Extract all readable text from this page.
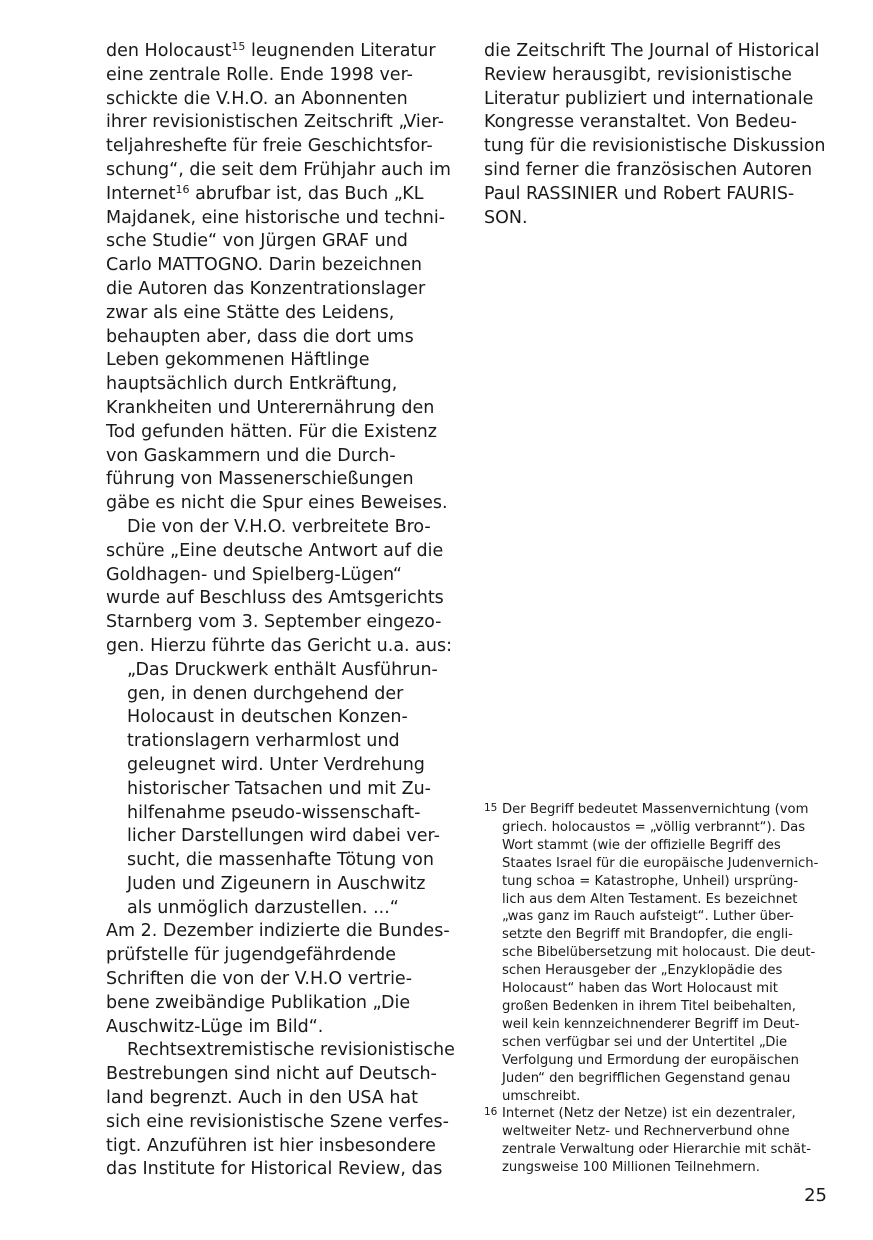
den Holocaust$^{15}$ leugnenden Literatur
eine zentrale Rolle. Ende 1998 ver-
schickte die V.H.O. an Abonnenten
ihrer revisionistischen Zeitschrift „Vier-
teljahreshefte für freie Geschichtsfor-
schung“, die seit dem Frühjahr auch im
Internet$^{16}$ abrufbar ist, das Buch „KL
Majdanek, eine historische und techni-
sche Studie“ von Jürgen GRAF und
Carlo MATTOGNO. Darin bezeichnen
die Autoren das Konzentrationslager
zwar als eine Stätte des Leidens,
behaupten aber, dass die dort ums
Leben gekommenen Häftlinge
hauptsächlich durch Entkräftung,
Krankheiten und Unterernährung den
Tod gefunden hätten. Für die Existenz
von Gaskammern und die Durch-
führung von Massenerschießungen
gäbe es nicht die Spur eines Beweises.
Die von der V.H.O. verbreitete Bro-
schüre „Eine deutsche Antwort auf die
Goldhagen- und Spielberg-Lügen“
wurde auf Beschluss des Amtsgerichts
Starnberg vom 3. September eingezo-
gen. Hierzu führte das Gericht u.a. aus:
„Das Druckwerk enthält Ausführun-
gen, in denen durchgehend der
Holocaust in deutschen Konzen-
trationslagern verharmlost und
geleugnet wird. Unter Verdrehung
historischer Tatsachen und mit Zu-
hilfenahme pseudo-wissenschaft-
licher Darstellungen wird dabei ver-
sucht, die massenhafte Tötung von
Juden und Zigeunern in Auschwitz
als unmöglich darzustellen. ...“
Am 2. Dezember indizierte die Bundes-
prüfstelle für jugendgefährdende
Schriften die von der V.H.O vertrie-
bene zweibändige Publikation „Die
Auschwitz-Lüge im Bild“.
Rechtsextremistische revisionistische
Bestrebungen sind nicht auf Deutsch-
land begrenzt. Auch in den USA hat
sich eine revisionistische Szene verfes-
tigt. Anzuführen ist hier insbesondere
das Institute for Historical Review, das
die Zeitschrift The Journal of Historical
Review herausgibt, revisionistische
Literatur publiziert und internationale
Kongresse veranstaltet. Von Bedeu-
tung für die revisionistische Diskussion
sind ferner die französischen Autoren
Paul RASSINIER und Robert FAURIS-
SON.
15 Der Begriff bedeutet Massenvernichtung (vom
griech. holocaustos = „völlig verbrannt“). Das
Wort stammt (wie der offizielle Begriff des
Staates Israel für die europäische Judenvernich-
tung schoa = Katastrophe, Unheil) ursprüng-
lich aus dem Alten Testament. Es bezeichnet
„was ganz im Rauch aufsteigt“. Luther über-
setzte den Begriff mit Brandopfer, die engli-
sche Bibelübersetzung mit holocaust. Die deut-
schen Herausgeber der „Enzyklopädie des
Holocaust“ haben das Wort Holocaust mit
großen Bedenken in ihrem Titel beibehalten,
weil kein kennzeichnenderer Begriff im Deut-
schen verfügbar sei und der Untertitel „Die
Verfolgung und Ermordung der europäischen
Juden“ den begrifflichen Gegenstand genau
umschreibt.
16 Internet (Netz der Netze) ist ein dezentraler,
weltweiter Netz- und Rechnerverbund ohne
zentrale Verwaltung oder Hierarchie mit schät-
zungsweise 100 Millionen Teilnehmern.
25
